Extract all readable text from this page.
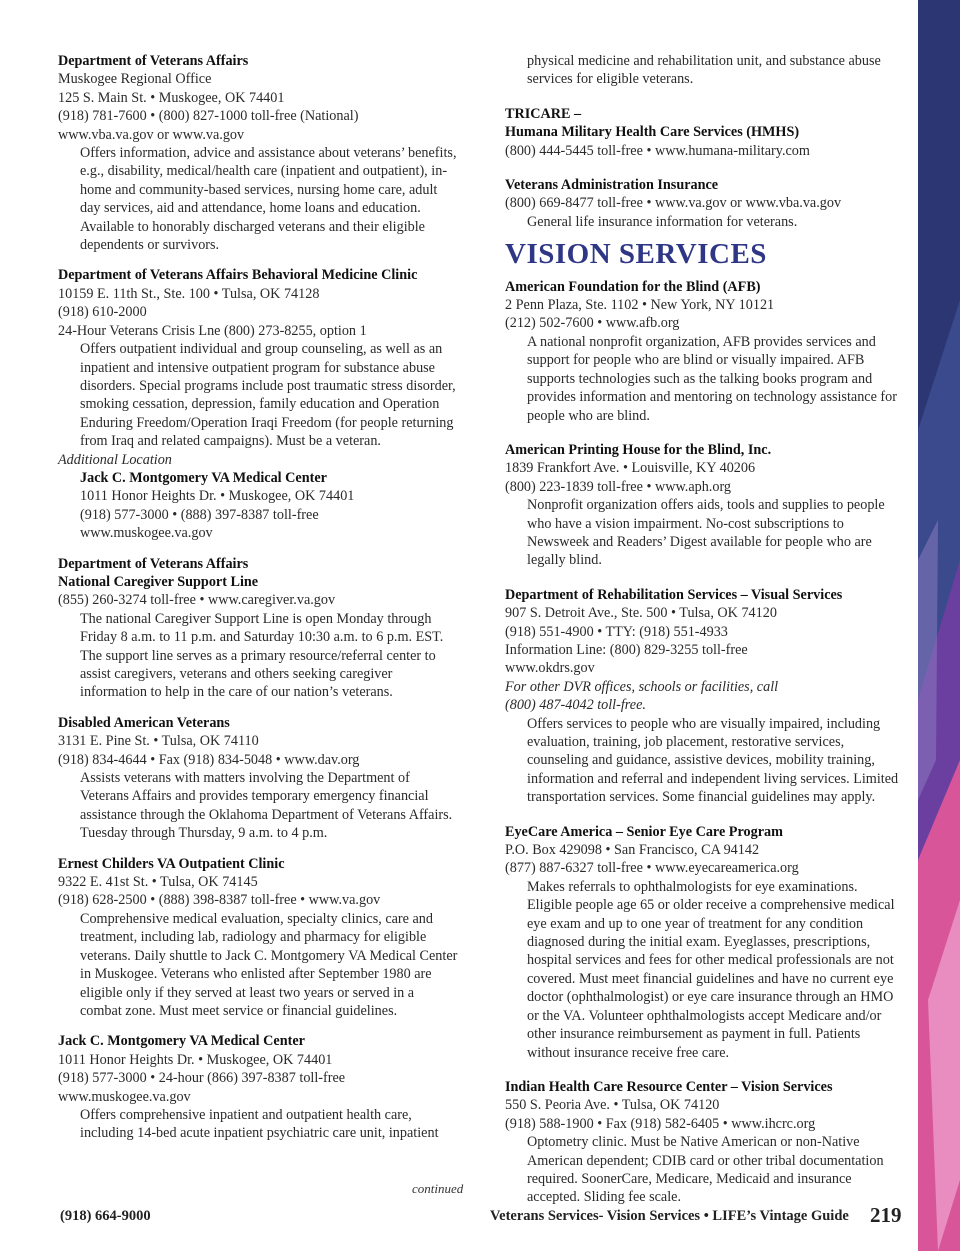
Department of Veterans Affairs
Muskogee Regional Office
125 S. Main St. • Muskogee, OK 74401
(918) 781-7600 • (800) 827-1000 toll-free (National)
www.vba.va.gov or www.va.gov
Offers information, advice and assistance about veterans’ benefits, e.g., disability, medical/health care (inpatient and outpatient), in-home and community-based services, nursing home care, adult day services, aid and attendance, home loans and education. Available to honorably discharged veterans and their eligible dependents or survivors.
Department of Veterans Affairs Behavioral Medicine Clinic
10159 E. 11th St., Ste. 100 • Tulsa, OK 74128
(918) 610-2000
24-Hour Veterans Crisis Lne (800) 273-8255, option 1
Offers outpatient individual and group counseling, as well as an inpatient and intensive outpatient program for substance abuse disorders. Special programs include post traumatic stress disorder, smoking cessation, depression, family education and Operation Enduring Freedom/Operation Iraqi Freedom (for people returning from Iraq and related campaigns). Must be a veteran.
Additional Location
Jack C. Montgomery VA Medical Center
1011 Honor Heights Dr. • Muskogee, OK 74401
(918) 577-3000 • (888) 397-8387 toll-free
www.muskogee.va.gov
Department of Veterans Affairs
National Caregiver Support Line
(855) 260-3274 toll-free • www.caregiver.va.gov
The national Caregiver Support Line is open Monday through Friday 8 a.m. to 11 p.m. and Saturday 10:30 a.m. to 6 p.m. EST. The support line serves as a primary resource/referral center to assist caregivers, veterans and others seeking caregiver information to help in the care of our nation’s veterans.
Disabled American Veterans
3131 E. Pine St. • Tulsa, OK 74110
(918) 834-4644 • Fax (918) 834-5048 • www.dav.org
Assists veterans with matters involving the Department of Veterans Affairs and provides temporary emergency financial assistance through the Oklahoma Department of Veterans Affairs. Tuesday through Thursday, 9 a.m. to 4 p.m.
Ernest Childers VA Outpatient Clinic
9322 E. 41st St. • Tulsa, OK 74145
(918) 628-2500 • (888) 398-8387 toll-free • www.va.gov
Comprehensive medical evaluation, specialty clinics, care and treatment, including lab, radiology and pharmacy for eligible veterans. Daily shuttle to Jack C. Montgomery VA Medical Center in Muskogee. Veterans who enlisted after September 1980 are eligible only if they served at least two years or served in a combat zone. Must meet service or financial guidelines.
Jack C. Montgomery VA Medical Center
1011 Honor Heights Dr. • Muskogee, OK 74401
(918) 577-3000 • 24-hour (866) 397-8387 toll-free
www.muskogee.va.gov
Offers comprehensive inpatient and outpatient health care, including 14-bed acute inpatient psychiatric care unit, inpatient
continued
physical medicine and rehabilitation unit, and substance abuse services for eligible veterans.
TRICARE –
Humana Military Health Care Services (HMHS)
(800) 444-5445 toll-free • www.humana-military.com
Veterans Administration Insurance
(800) 669-8477 toll-free • www.va.gov or www.vba.va.gov
General life insurance information for veterans.
VISION SERVICES
American Foundation for the Blind (AFB)
2 Penn Plaza, Ste. 1102 • New York, NY 10121
(212) 502-7600 • www.afb.org
A national nonprofit organization, AFB provides services and support for people who are blind or visually impaired. AFB supports technologies such as the talking books program and provides information and mentoring on technology assistance for people who are blind.
American Printing House for the Blind, Inc.
1839 Frankfort Ave. • Louisville, KY 40206
(800) 223-1839 toll-free • www.aph.org
Nonprofit organization offers aids, tools and supplies to people who have a vision impairment. No-cost subscriptions to Newsweek and Readers’ Digest available for people who are legally blind.
Department of Rehabilitation Services – Visual Services
907 S. Detroit Ave., Ste. 500 • Tulsa, OK 74120
(918) 551-4900 • TTY: (918) 551-4933
Information Line: (800) 829-3255 toll-free
www.okdrs.gov
For other DVR offices, schools or facilities, call
(800) 487-4042 toll-free.
Offers services to people who are visually impaired, including evaluation, training, job placement, restorative services, counseling and guidance, assistive devices, mobility training, information and referral and independent living services. Limited transportation services. Some financial guidelines may apply.
EyeCare America – Senior Eye Care Program
P.O. Box 429098 • San Francisco, CA 94142
(877) 887-6327 toll-free • www.eyecareamerica.org
Makes referrals to ophthalmologists for eye examinations. Eligible people age 65 or older receive a comprehensive medical eye exam and up to one year of treatment for any condition diagnosed during the initial exam. Eyeglasses, prescriptions, hospital services and fees for other medical professionals are not covered. Must meet financial guidelines and have no current eye doctor (ophthalmologist) or eye care insurance through an HMO or the VA. Volunteer ophthalmologists accept Medicare and/or other insurance reimbursement as payment in full. Patients without insurance receive free care.
Indian Health Care Resource Center – Vision Services
550 S. Peoria Ave. • Tulsa, OK 74120
(918) 588-1900 • Fax (918) 582-6405 • www.ihcrc.org
Optometry clinic. Must be Native American or non-Native American dependent; CDIB card or other tribal documentation required. SoonerCare, Medicare, Medicaid and insurance accepted. Sliding fee scale.
(918) 664-9000	Veterans Services- Vision Services • LIFE’s Vintage Guide 219
